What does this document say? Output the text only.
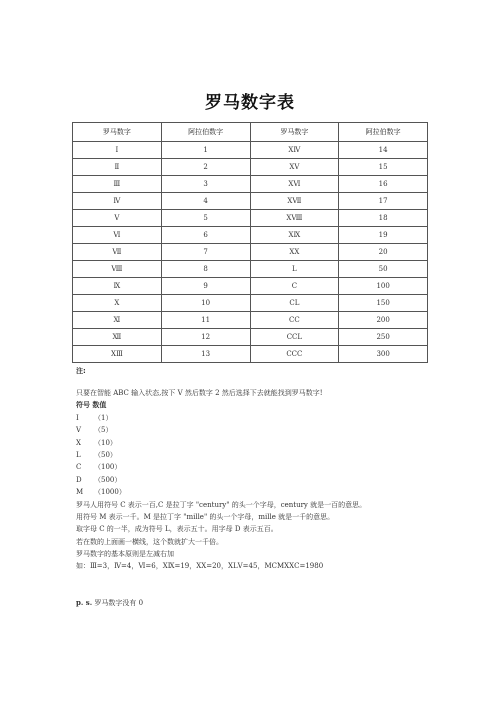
罗马数字表
罗马数字	阿拉伯数字	罗马数字	阿拉伯数字
Ⅰ	1	ⅩⅣ	14
Ⅱ	2	ⅩⅤ	15
Ⅲ	3	ⅩⅥ	16
Ⅳ	4	ⅩⅦ	17
Ⅴ	5	ⅩⅧ	18
Ⅵ	6	ⅩⅨ	19
Ⅶ	7	ⅩⅩ	20
Ⅷ	8	L	50
Ⅸ	9	C	100
Ⅹ	10	CL	150
Ⅺ	11	CC	200
Ⅻ	12	CCL	250
ⅩⅢ	13	CCC	300
注:
只要在智能 ABC 输入状态,按下 V 然后数字 2 然后选择下去就能找到罗马数字!
符号 数值
Ⅰ （1）
V （5）
X （10）
L （50）
C （100）
D （500）
M （1000）
罗马人用符号 C 表示一百,C 是拉丁字 "century" 的头一个字母，century 就是一百的意思。
用符号 M 表示一千。M 是拉丁字 "mille" 的头一个字母，mille 就是一千的意思。
取字母 C 的一半，成为符号 L，表示五十。用字母 D 表示五百。
若在数的上面画一横线，这个数就扩大一千倍。
罗马数字的基本原则是左减右加
如：Ⅲ=3，Ⅳ=4，Ⅵ=6，ⅩⅨ=19，ⅩⅩ=20，ⅩLⅤ=45，MCMⅩⅩC=1980
p. s. 罗马数字没有 0
